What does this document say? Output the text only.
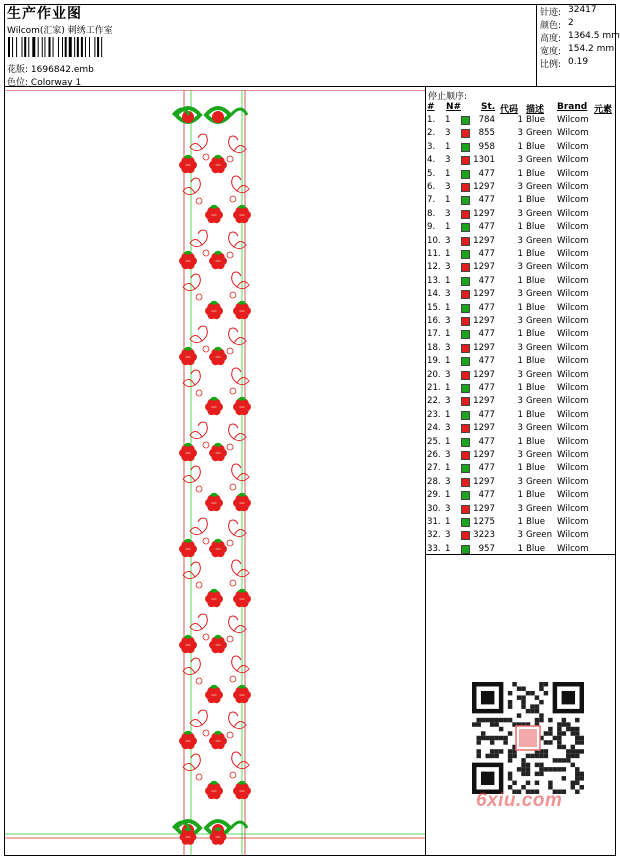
生产作业图
Wilcom(汇家) 刺绣工作室
花版: 1696842.emb
色位: Colorway 1
针迹: 32417
颜色: 2
高度: 1364.5 mm
宽度: 154.2 mm
比例: 0.19
停止顺序:
# N# St. 代码 描述 Brand 元素
1. 1	784	1 Blue Wilcom
2. 3	855	3 Green Wilcom
3. 1	958	1 Blue Wilcom
4. 3	1301	3 Green Wilcom
5. 1	477	1 Blue Wilcom
6. 3	1297	3 Green Wilcom
7. 1	477	1 Blue Wilcom
8. 3	1297	3 Green Wilcom
9. 1	477	1 Blue Wilcom
10. 3	1297	3 Green Wilcom
11. 1	477	1 Blue Wilcom
12. 3	1297	3 Green Wilcom
13. 1	477	1 Blue Wilcom
14. 3	1297	3 Green Wilcom
15. 1	477	1 Blue Wilcom
16. 3	1297	3 Green Wilcom
17. 1	477	1 Blue Wilcom
18. 3	1297	3 Green Wilcom
19. 1	477	1 Blue Wilcom
20. 3	1297	3 Green Wilcom
21. 1	477	1 Blue Wilcom
22. 3	1297	3 Green Wilcom
23. 1	477	1 Blue Wilcom
24. 3	1297	3 Green Wilcom
25. 1	477	1 Blue Wilcom
26. 3	1297	3 Green Wilcom
27. 1	477	1 Blue Wilcom
28. 3	1297	3 Green Wilcom
29. 1	477	1 Blue Wilcom
30. 3	1297	3 Green Wilcom
31. 1	1275	1 Blue Wilcom
32. 3	3223	3 Green Wilcom
33. 1	957	1 Blue Wilcom
6xiu.com
